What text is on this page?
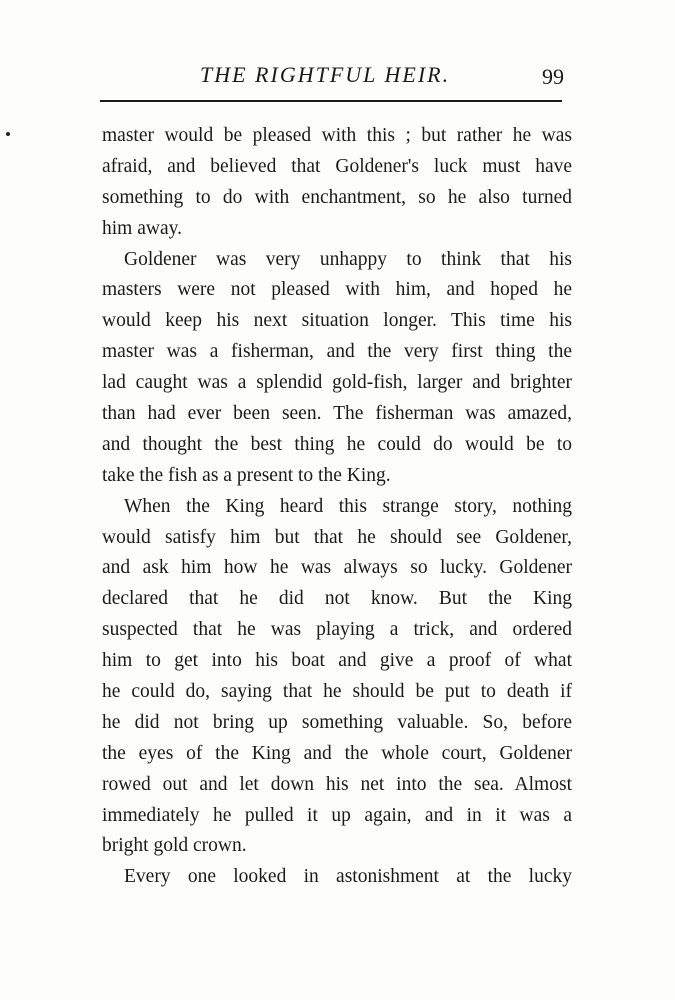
THE RIGHTFUL HEIR.	99
master would be pleased with this ; but rather he was
afraid, and believed that Goldener's luck must have
something to do with enchantment, so he also turned
him away.
Goldener was very unhappy to think that his
masters were not pleased with him, and hoped he
would keep his next situation longer. This time his
master was a fisherman, and the very first thing the
lad caught was a splendid gold-fish, larger and brighter
than had ever been seen. The fisherman was amazed,
and thought the best thing he could do would be to
take the fish as a present to the King.
When the King heard this strange story, nothing
would satisfy him but that he should see Goldener,
and ask him how he was always so lucky. Goldener
declared that he did not know. But the King
suspected that he was playing a trick, and ordered
him to get into his boat and give a proof of what
he could do, saying that he should be put to death if
he did not bring up something valuable. So, before
the eyes of the King and the whole court, Goldener
rowed out and let down his net into the sea. Almost
immediately he pulled it up again, and in it was a
bright gold crown.
Every one looked in astonishment at the lucky
